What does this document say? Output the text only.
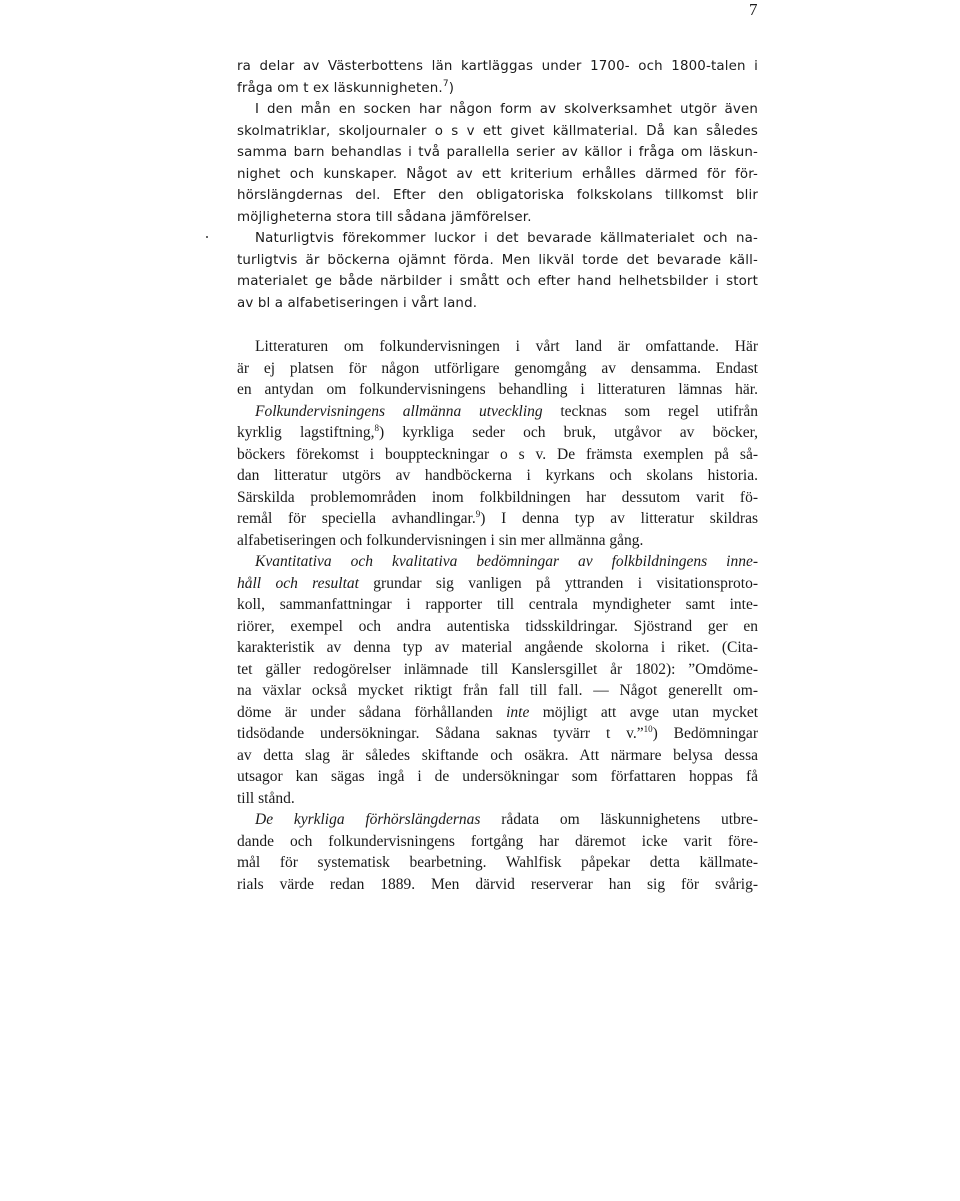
7
ra delar av Västerbottens län kartläggas under 1700- och 1800-talen i
fråga om t ex läskunnigheten.$^7$)
I den mån en socken har någon form av skolverksamhet utgör även
skolmatriklar, skoljournaler o s v ett givet källmaterial. Då kan således
samma barn behandlas i två parallella serier av källor i fråga om läskun-
nighet och kunskaper. Något av ett kriterium erhålles därmed för för-
hörslängdernas del. Efter den obligatoriska folkskolans tillkomst blir
möjligheterna stora till sådana jämförelser.
Naturligtvis förekommer luckor i det bevarade källmaterialet och na-
turligtvis är böckerna ojämnt förda. Men likväl torde det bevarade käll-
materialet ge både närbilder i smått och efter hand helhetsbilder i stort
av bl a alfabetiseringen i vårt land.
Litteraturen om folkundervisningen i vårt land är omfattande. Här
är ej platsen för någon utförligare genomgång av densamma. Endast
en antydan om folkundervisningens behandling i litteraturen lämnas här.
Folkundervisningens allmänna utveckling tecknas som regel utifrån
kyrklig lagstiftning,$^8$) kyrkliga seder och bruk, utgåvor av böcker,
böckers förekomst i bouppteckningar o s v. De främsta exemplen på så-
dan litteratur utgörs av handböckerna i kyrkans och skolans historia.
Särskilda problemområden inom folkbildningen har dessutom varit fö-
remål för speciella avhandlingar.$^9$) I denna typ av litteratur skildras
alfabetiseringen och folkundervisningen i sin mer allmänna gång.
Kvantitativa och kvalitativa bedömningar av folkbildningens inne-
håll och resultat grundar sig vanligen på yttranden i visitationsproto-
koll, sammanfattningar i rapporter till centrala myndigheter samt inte-
riörer, exempel och andra autentiska tidsskildringar. Sjöstrand ger en
karakteristik av denna typ av material angående skolorna i riket. (Cita-
tet gäller redogörelser inlämnade till Kanslersgillet år 1802): ”Omdöme-
na växlar också mycket riktigt från fall till fall. — Något generellt om-
döme är under sådana förhållanden inte möjligt att avge utan mycket
tidsödande undersökningar. Sådana saknas tyvärr t v.”$^{10}$) Bedömningar
av detta slag är således skiftande och osäkra. Att närmare belysa dessa
utsagor kan sägas ingå i de undersökningar som författaren hoppas få
till stånd.
De kyrkliga förhörslängdernas rådata om läskunnighetens utbre-
dande och folkundervisningens fortgång har däremot icke varit före-
mål för systematisk bearbetning. Wahlfisk påpekar detta källmate-
rials värde redan 1889. Men därvid reserverar han sig för svårig-
